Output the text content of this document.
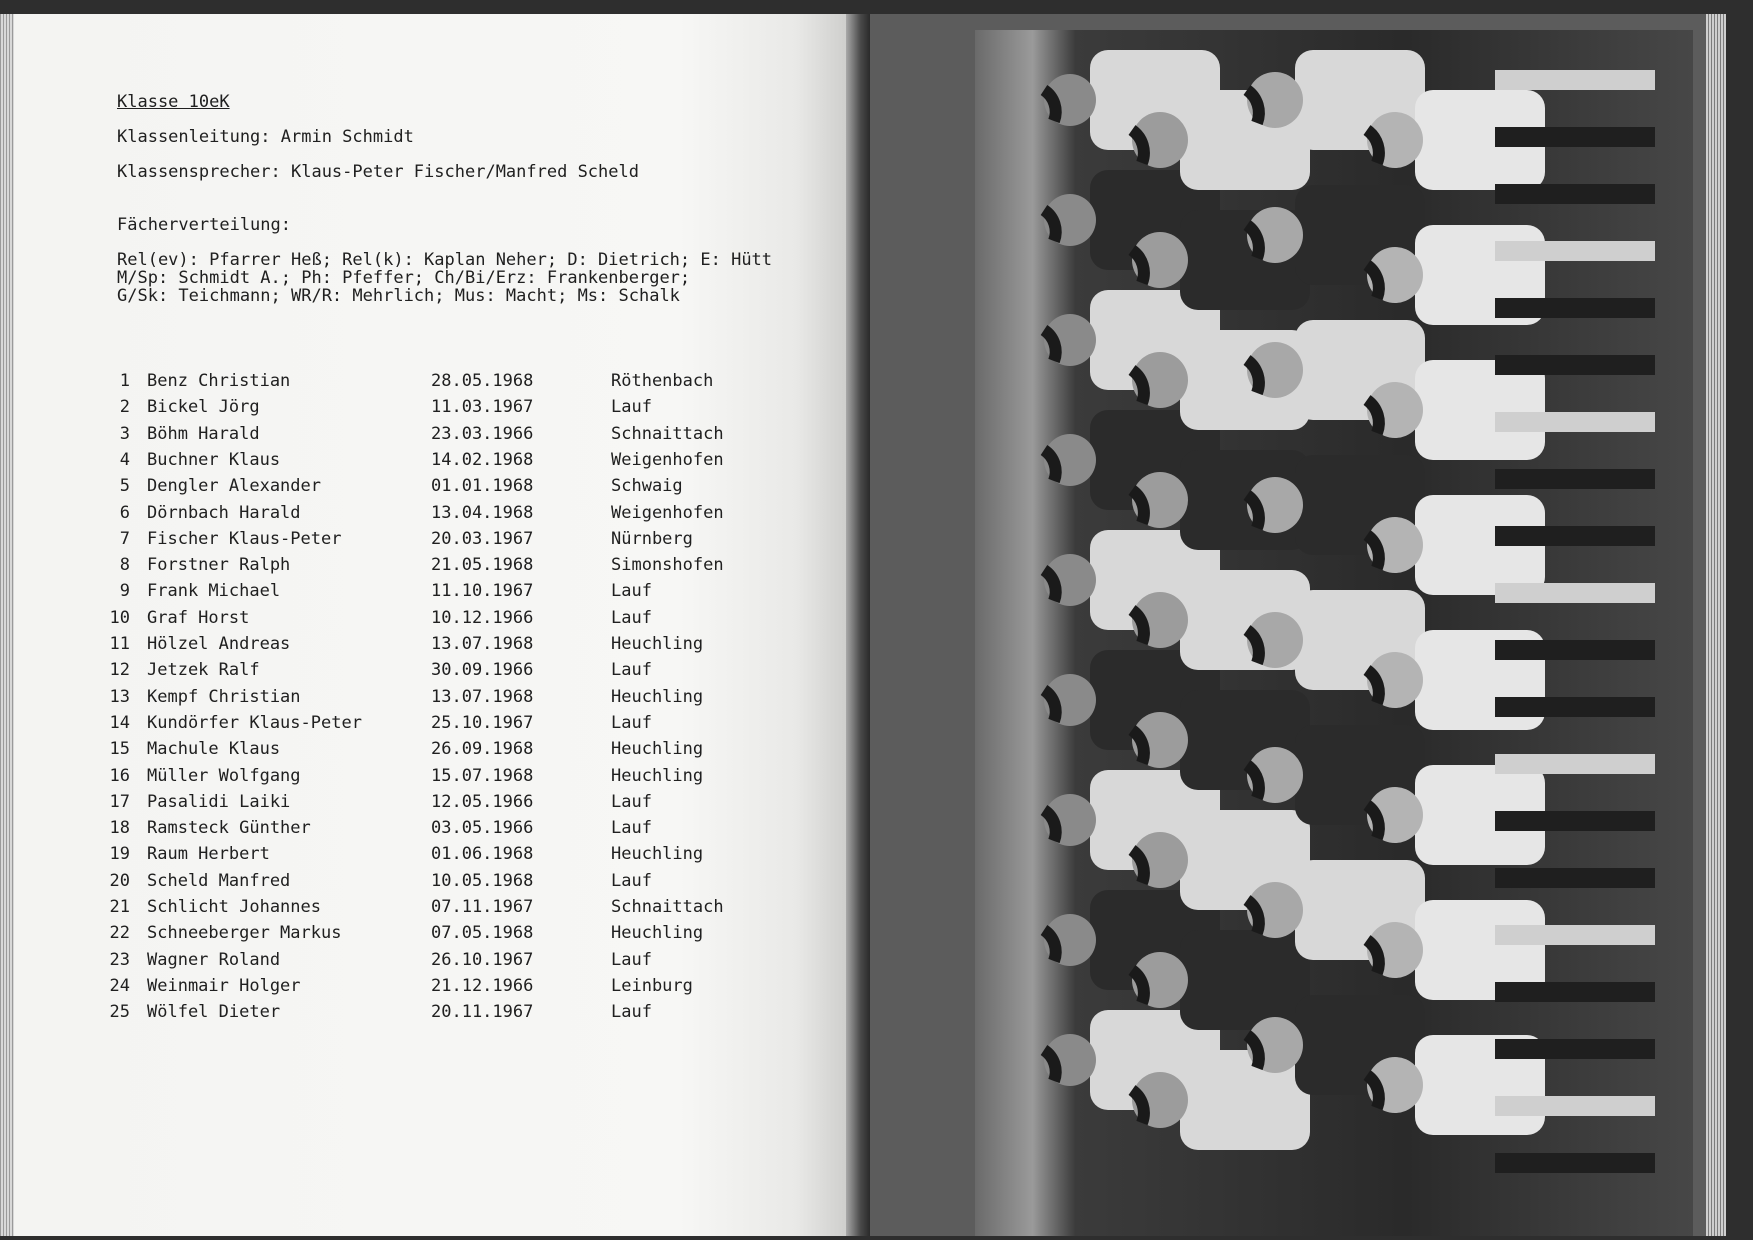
Klasse 10eK
Klassenleitung: Armin Schmidt
Klassensprecher: Klaus-Peter Fischer/Manfred Scheld
Fächerverteilung:
Rel(ev): Pfarrer Heß; Rel(k): Kaplan Neher; D: Dietrich; E: Hütt
M/Sp: Schmidt A.; Ph: Pfeffer; Ch/Bi/Erz: Frankenberger;
G/Sk: Teichmann; WR/R: Mehrlich; Mus: Macht; Ms: Schalk
1 Benz Christian	28.05.1968	Röthenbach
2 Bickel Jörg	11.03.1967	Lauf
3 Böhm Harald	23.03.1966	Schnaittach
4 Buchner Klaus	14.02.1968	Weigenhofen
5 Dengler Alexander	01.01.1968	Schwaig
6 Dörnbach Harald	13.04.1968	Weigenhofen
7 Fischer Klaus-Peter	20.03.1967	Nürnberg
8 Forstner Ralph	21.05.1968	Simonshofen
9 Frank Michael	11.10.1967	Lauf
10 Graf Horst	10.12.1966	Lauf
11 Hölzel Andreas	13.07.1968	Heuchling
12 Jetzek Ralf	30.09.1966	Lauf
13 Kempf Christian	13.07.1968	Heuchling
14 Kundörfer Klaus-Peter	25.10.1967	Lauf
15 Machule Klaus	26.09.1968	Heuchling
16 Müller Wolfgang	15.07.1968	Heuchling
17 Pasalidi Laiki	12.05.1966	Lauf
18 Ramsteck Günther	03.05.1966	Lauf
19 Raum Herbert	01.06.1968	Heuchling
20 Scheld Manfred	10.05.1968	Lauf
21 Schlicht Johannes	07.11.1967	Schnaittach
22 Schneeberger Markus	07.05.1968	Heuchling
23 Wagner Roland	26.10.1967	Lauf
24 Weinmair Holger	21.12.1966	Leinburg
25 Wölfel Dieter	20.11.1967	Lauf
